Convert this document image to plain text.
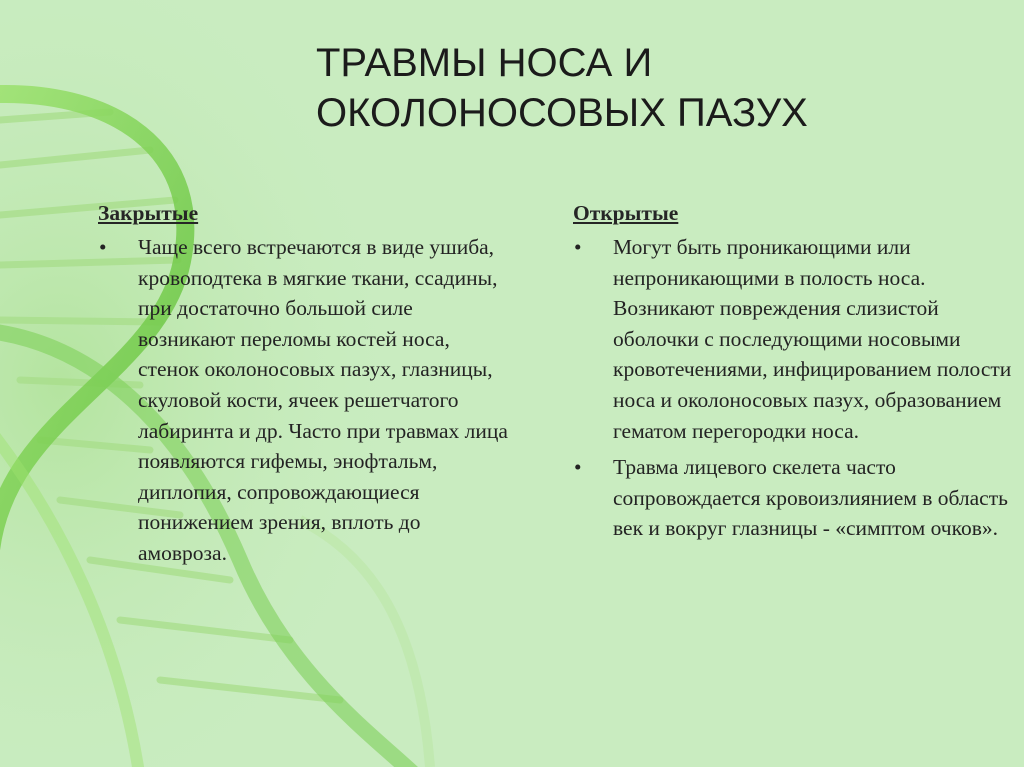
ТРАВМЫ НОСА И
ОКОЛОНОСОВЫХ ПАЗУХ
Закрытые
•	Чаще всего встречаются в виде ушиба, кровоподтека в мягкие ткани, ссадины, при достаточно большой силе возникают переломы костей носа, стенок околоносовых пазух, глазницы, скуловой кости, ячеек решетчатого лабиринта и др. Часто при травмах лица появляются гифемы, энофтальм, диплопия, сопровождающиеся понижением зрения, вплоть до амовроза.
Открытые
•	Могут быть проникающими или непроникающими в полость носа. Возникают повреждения слизистой оболочки с последующими носовыми кровотечениями, инфицированием полости носа и околоносовых пазух, образованием гематом перегородки носа.
•	Травма лицевого скелета часто сопровождается кровоизлиянием в область век и вокруг глазницы - «симптом очков».
